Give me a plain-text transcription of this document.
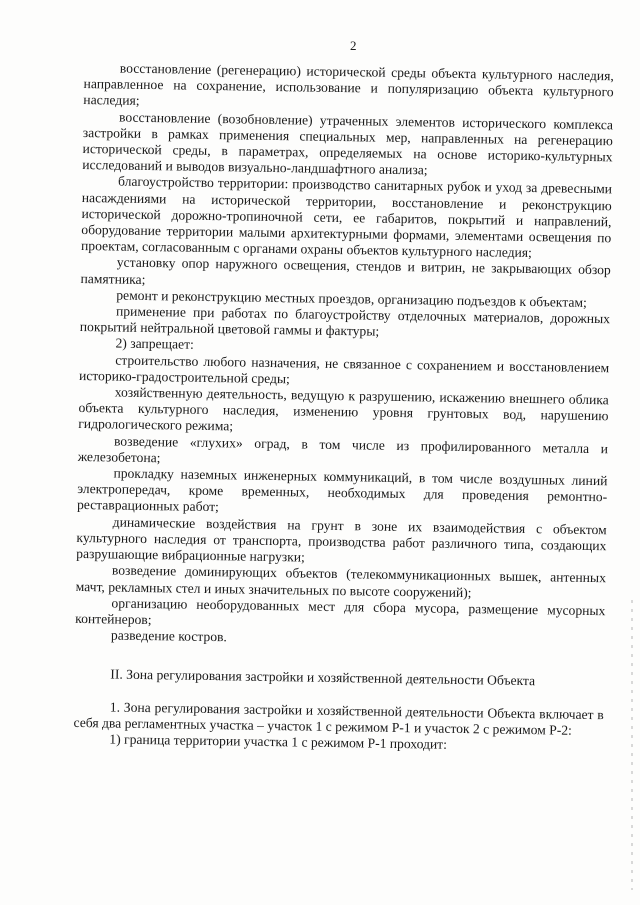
2

восстановление (регенерацию) исторической среды объекта культурного наследия, направленное на сохранение, использование и популяризацию объекта культурного наследия;

восстановление (возобновление) утраченных элементов исторического комплекса застройки в рамках применения специальных мер, направленных на регенерацию исторической среды, в параметрах, определяемых на основе историко-культурных исследований и выводов визуально-ландшафтного анализа;

благоустройство территории: производство санитарных рубок и уход за древесными насаждениями на исторической территории, восстановление и реконструкцию исторической дорожно-тропиночной сети, ее габаритов, покрытий и направлений, оборудование территории малыми архитектурными формами, элементами освещения по проектам, согласованным с органами охраны объектов культурного наследия;

установку опор наружного освещения, стендов и витрин, не закрывающих обзор памятника;

ремонт и реконструкцию местных проездов, организацию подъездов к объектам;

применение при работах по благоустройству отделочных материалов, дорожных покрытий нейтральной цветовой гаммы и фактуры;

2) запрещает:

строительство любого назначения, не связанное с сохранением и восстановлением историко-градостроительной среды;

хозяйственную деятельность, ведущую к разрушению, искажению внешнего облика объекта культурного наследия, изменению уровня грунтовых вод, нарушению гидрологического режима;

возведение «глухих» оград, в том числе из профилированного металла и железобетона;

прокладку наземных инженерных коммуникаций, в том числе воздушных линий электропередач, кроме временных, необходимых для проведения ремонтно-реставрационных работ;

динамические воздействия на грунт в зоне их взаимодействия с объектом культурного наследия от транспорта, производства работ различного типа, создающих разрушающие вибрационные нагрузки;

возведение доминирующих объектов (телекоммуникационных вышек, антенных мачт, рекламных стел и иных значительных по высоте сооружений);

организацию необорудованных мест для сбора мусора, размещение мусорных контейнеров;

разведение костров.

II. Зона регулирования застройки и хозяйственной деятельности Объекта

1. Зона регулирования застройки и хозяйственной деятельности Объекта включает в себя два регламентных участка – участок 1 с режимом Р-1 и участок 2 с режимом Р-2:

1) граница территории участка 1 с режимом Р-1 проходит:
